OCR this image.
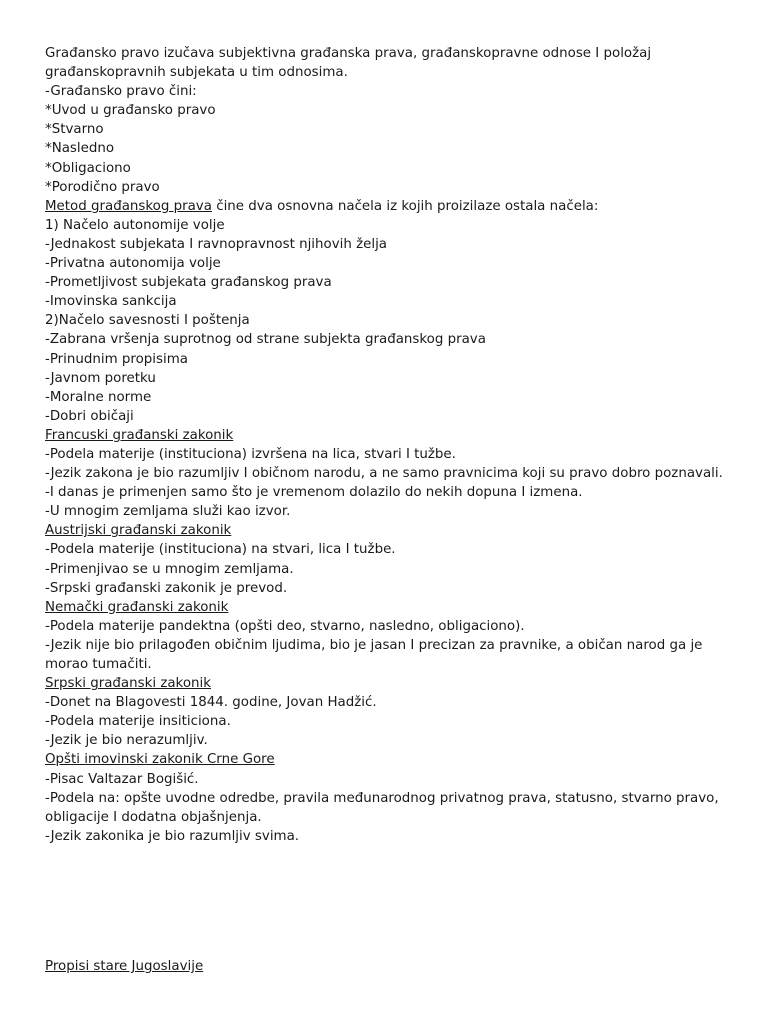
Građansko pravo izučava subjektivna građanska prava, građanskopravne odnose I položaj građanskopravnih subjekata u tim odnosima.
-Građansko pravo čini:
*Uvod u građansko pravo
*Stvarno
*Nasledno
*Obligaciono
*Porodično pravo
Metod građanskog prava čine dva osnovna načela iz kojih proizilaze ostala načela:
1) Načelo autonomije volje
-Jednakost subjekata I ravnopravnost njihovih želja
-Privatna autonomija volje
-Prometljivost subjekata građanskog prava
-Imovinska sankcija
2)Načelo savesnosti I poštenja
-Zabrana vršenja suprotnog od strane subjekta građanskog prava
-Prinudnim propisima
-Javnom poretku
-Moralne norme
-Dobri običaji
Francuski građanski zakonik
-Podela materije (instituciona) izvršena na lica, stvari I tužbe.
-Jezik zakona je bio razumljiv I običnom narodu, a ne samo pravnicima koji su pravo dobro poznavali.
-I danas je primenjen samo što je vremenom dolazilo do nekih dopuna I izmena.
-U mnogim zemljama služi kao izvor.
Austrijski građanski zakonik
-Podela materije (instituciona) na stvari, lica I tužbe.
-Primenjivao se u mnogim zemljama.
-Srpski građanski zakonik je prevod.
Nemački građanski zakonik
-Podela materije pandektna (opšti deo, stvarno, nasledno, obligaciono).
-Jezik nije bio prilagođen običnim ljudima, bio je jasan I precizan za pravnike, a običan narod ga je morao tumačiti.
Srpski građanski zakonik
-Donet na Blagovesti 1844. godine, Jovan Hadžić.
-Podela materije insiticiona.
-Jezik je bio nerazumljiv.
Opšti imovinski zakonik Crne Gore
-Pisac Valtazar Bogišić.
-Podela na: opšte uvodne odredbe, pravila međunarodnog privatnog prava, statusno, stvarno pravo, obligacije I dodatna objašnjenja.
-Jezik zakonika je bio razumljiv svima.
Propisi stare Jugoslavije
